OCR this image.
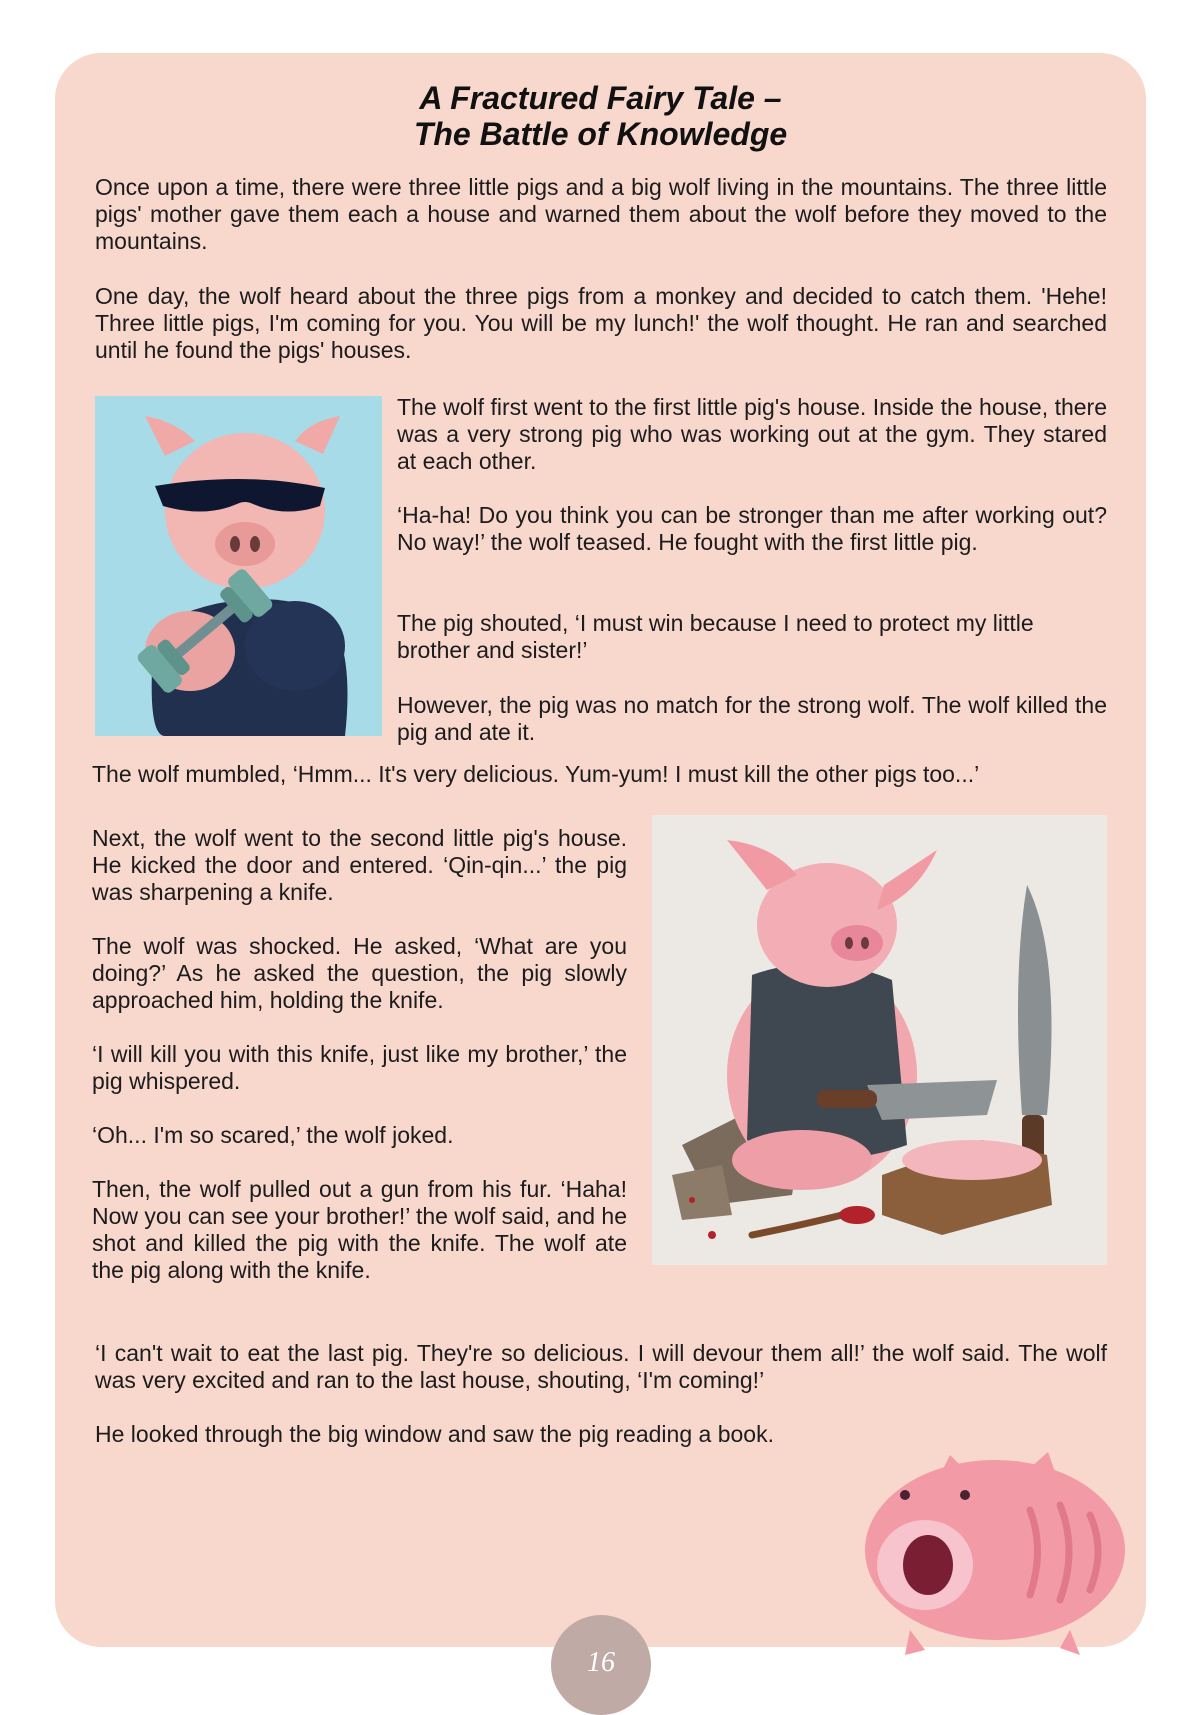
A Fractured Fairy Tale –
The Battle of Knowledge

Once upon a time, there were three little pigs and a big wolf living in the mountains. The three little pigs' mother gave them each a house and warned them about the wolf before they moved to the mountains.

One day, the wolf heard about the three pigs from a monkey and decided to catch them. 'Hehe! Three little pigs, I'm coming for you. You will be my lunch!' the wolf thought. He ran and searched until he found the pigs' houses.

The wolf first went to the first little pig's house. Inside the house, there was a very strong pig who was working out at the gym. They stared at each other.

‘Ha-ha! Do you think you can be stronger than me after working out? No way!’ the wolf teased. He fought with the first little pig.

The pig shouted, ‘I must win because I need to protect my little brother and sister!’

However, the pig was no match for the strong wolf. The wolf killed the pig and ate it.

The wolf mumbled, ‘Hmm... It's very delicious. Yum-yum! I must kill the other pigs too...’

Next, the wolf went to the second little pig's house. He kicked the door and entered. ‘Qin-qin...’ the pig was sharpening a knife.

The wolf was shocked. He asked, ‘What are you doing?’ As he asked the question, the pig slowly approached him, holding the knife.

‘I will kill you with this knife, just like my brother,’ the pig whispered.

‘Oh... I'm so scared,’ the wolf joked.

Then, the wolf pulled out a gun from his fur. ‘Haha! Now you can see your brother!’ the wolf said, and he shot and killed the pig with the knife. The wolf ate the pig along with the knife.

‘I can't wait to eat the last pig. They're so delicious. I will devour them all!’ the wolf said. The wolf was very excited and ran to the last house, shouting, ‘I'm coming!’

He looked through the big window and saw the pig reading a book.

16
